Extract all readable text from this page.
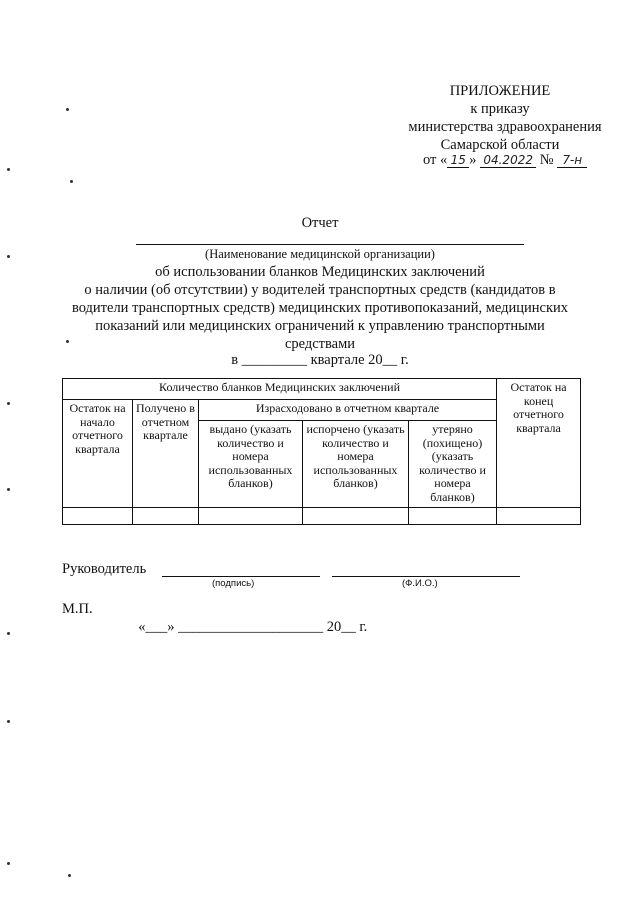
ПРИЛОЖЕНИЕ
к приказу
министерства здравоохранения
Самарской области
от « 15 » 04.2022 № 7-н
Отчет
(Наименование медицинской организации)
об использовании бланков Медицинских заключений
о наличии (об отсутствии) у водителей транспортных средств (кандидатов в
водители транспортных средств) медицинских противопоказаний, медицинских
показаний или медицинских ограничений к управлению транспортными
средствами
в _________ квартале 20__ г.
Количество бланков Медицинских заключений					Остаток на конец отчетного квартала
Остаток на начало отчетного квартала	Получено в отчетном квартале	Израсходовано в отчетном квартале			
		выдано (указать количество и номера использованных бланков)	испорчено (указать количество и номера использованных бланков)	утеряно (похищено) (указать количество и номера бланков)	

Руководитель
(подпись)	(Ф.И.О.)
М.П.

«___» ____________________ 20__ г.
